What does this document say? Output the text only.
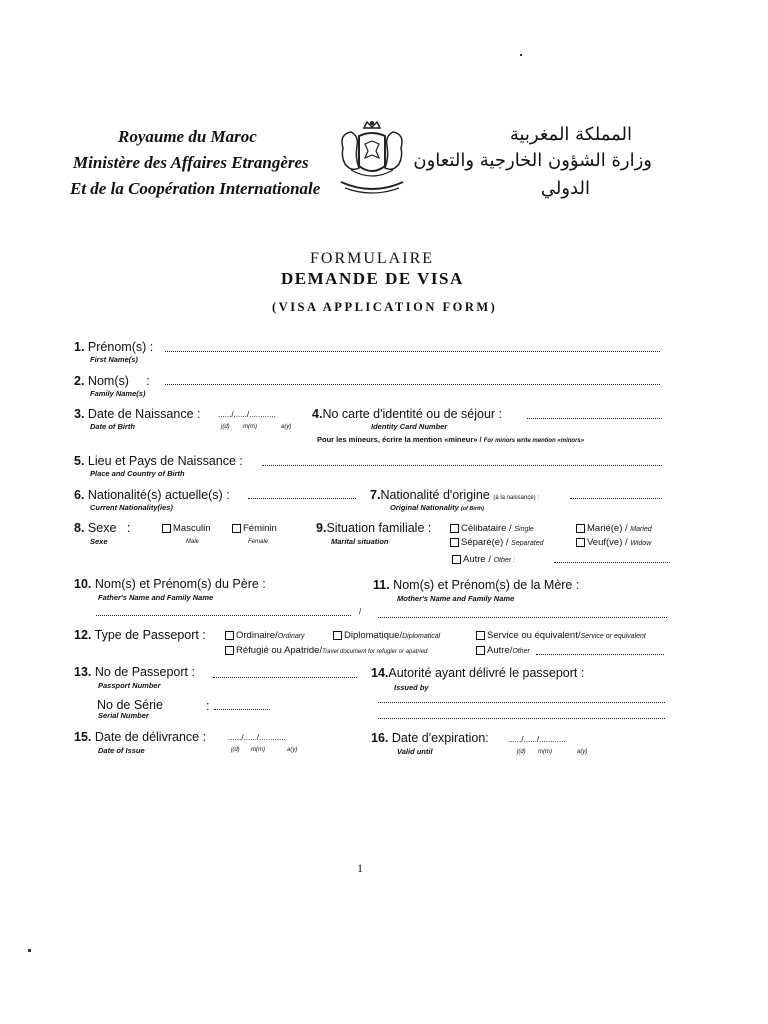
Royaume du Maroc
Ministère des Affaires Etrangères
Et de la Coopération Internationale
المملكة المغربية
وزارة الشؤون الخارجية والتعاون
الدولي
FORMULAIRE
DEMANDE DE VISA
(VISA APPLICATION FORM)
1. Prénom(s) :
First Name(s)
2. Nom(s)     :
Family Name(s)
3. Date de Naissance : ....../....../............
Date of Birth	j(d) m(m)	a(y)
4.No carte d'identité ou de séjour :
Identity Card Number
Pour les mineurs, écrire la mention «mineur» / For minors write mention «minors»
5. Lieu et Pays de Naissance :
Place and Country of Birth
6. Nationalité(s) actuelle(s) :
Current Nationality(ies)
7.Nationalité d'origine (à la naissance) :
Original Nationality (of Birth)
8. Sexe   :
Sexe
Masculin
Male
Féminin
Female
9.Situation familiale :
Marital situation
Célibataire / Single	Marié(e) / Maried
Séparé(e) / Separated	Veuf(ve) / Widow
Autre / Other :
10. Nom(s) et Prénom(s) du Père :
Father's Name and Family Name
/
11. Nom(s) et Prénom(s) de la Mère :
Mother's Name and Family Name
12. Type de Passeport :	Ordinaire/Ordinary	Diplomatique/Diplomatical	Service ou équivalent/Service or equivalent
Réfugié ou Apatride/Travel document for refugier or apatried	Autre/Other
13. No de Passeport :
Passport Number
No de Série	:
Serial Number
14.Autorité ayant délivré le passeport :
Issued by
15. Date de délivrance :	....../....../............
Date of Issue	j(d) m(m)	a(y)
16. Date d'expiration: ....../....../............
Valid until	j(d) m(m)	a(y)
1
